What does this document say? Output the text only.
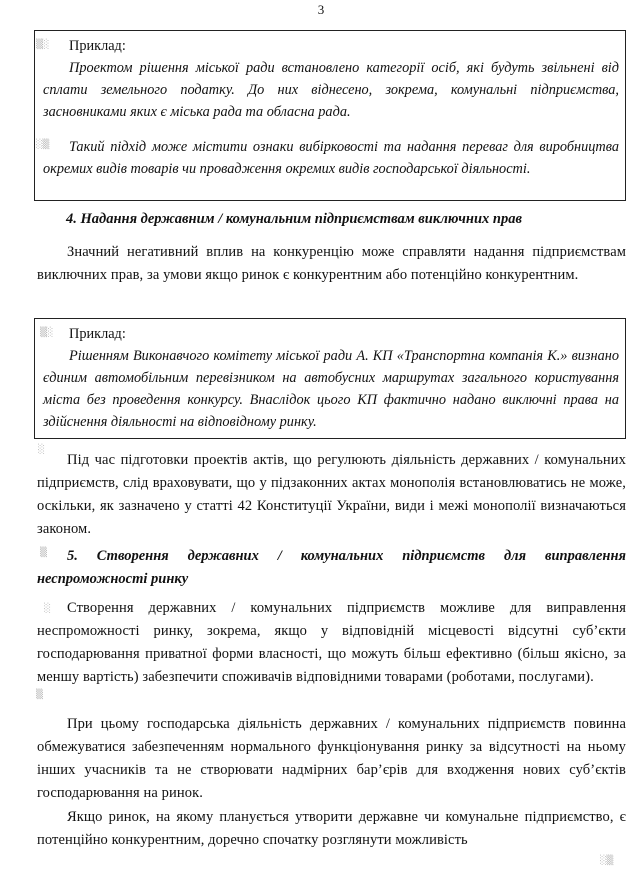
3
▒░
░▒
▒░
░
▒
░
▒
░▒
Приклад:

Проектом рішення міської ради встановлено категорії осіб, які будуть звільнені від сплати земельного податку. До них віднесено, зокрема, комунальні підприємства, засновниками яких є міська рада та обласна рада.

Такий підхід може містити ознаки вибірковості та надання переваг для виробництва окремих видів товарів чи провадження окремих видів господарської діяльності.

4. Надання державним / комунальним підприємствам виключних прав

Значний негативний вплив на конкуренцію може справляти надання підприємствам виключних прав, за умови якщо ринок є конкурентним або потенційно конкурентним.

Приклад:

Рішенням Виконавчого комітету міської ради А. КП «Транспортна компанія К.» визнано єдиним автомобільним перевізником на автобусних маршрутах загального користування міста без проведення конкурсу. Внаслідок цього КП фактично надано виключні права на здійснення діяльності на відповідному ринку.

Під час підготовки проектів актів, що регулюють діяльність державних / комунальних підприємств, слід враховувати, що у підзаконних актах монополія встановлюватись не може, оскільки, як зазначено у статті 42 Конституції України, види і межі монополії визначаються законом.

5. Створення державних / комунальних підприємств для виправлення неспроможності ринку

Створення державних / комунальних підприємств можливе для виправлення неспроможності ринку, зокрема, якщо у відповідній місцевості відсутні суб’єкти господарювання приватної форми власності, що можуть більш ефективно (більш якісно, за меншу вартість) забезпечити споживачів відповідними товарами (роботами, послугами).

При цьому господарська діяльність державних / комунальних підприємств повинна обмежуватися забезпеченням нормального функціонування ринку за відсутності на ньому інших учасників та не створювати надмірних бар’єрів для входження нових суб’єктів господарювання на ринок.

Якщо ринок, на якому планується утворити державне чи комунальне підприємство, є потенційно конкурентним, доречно спочатку розглянути можливість
